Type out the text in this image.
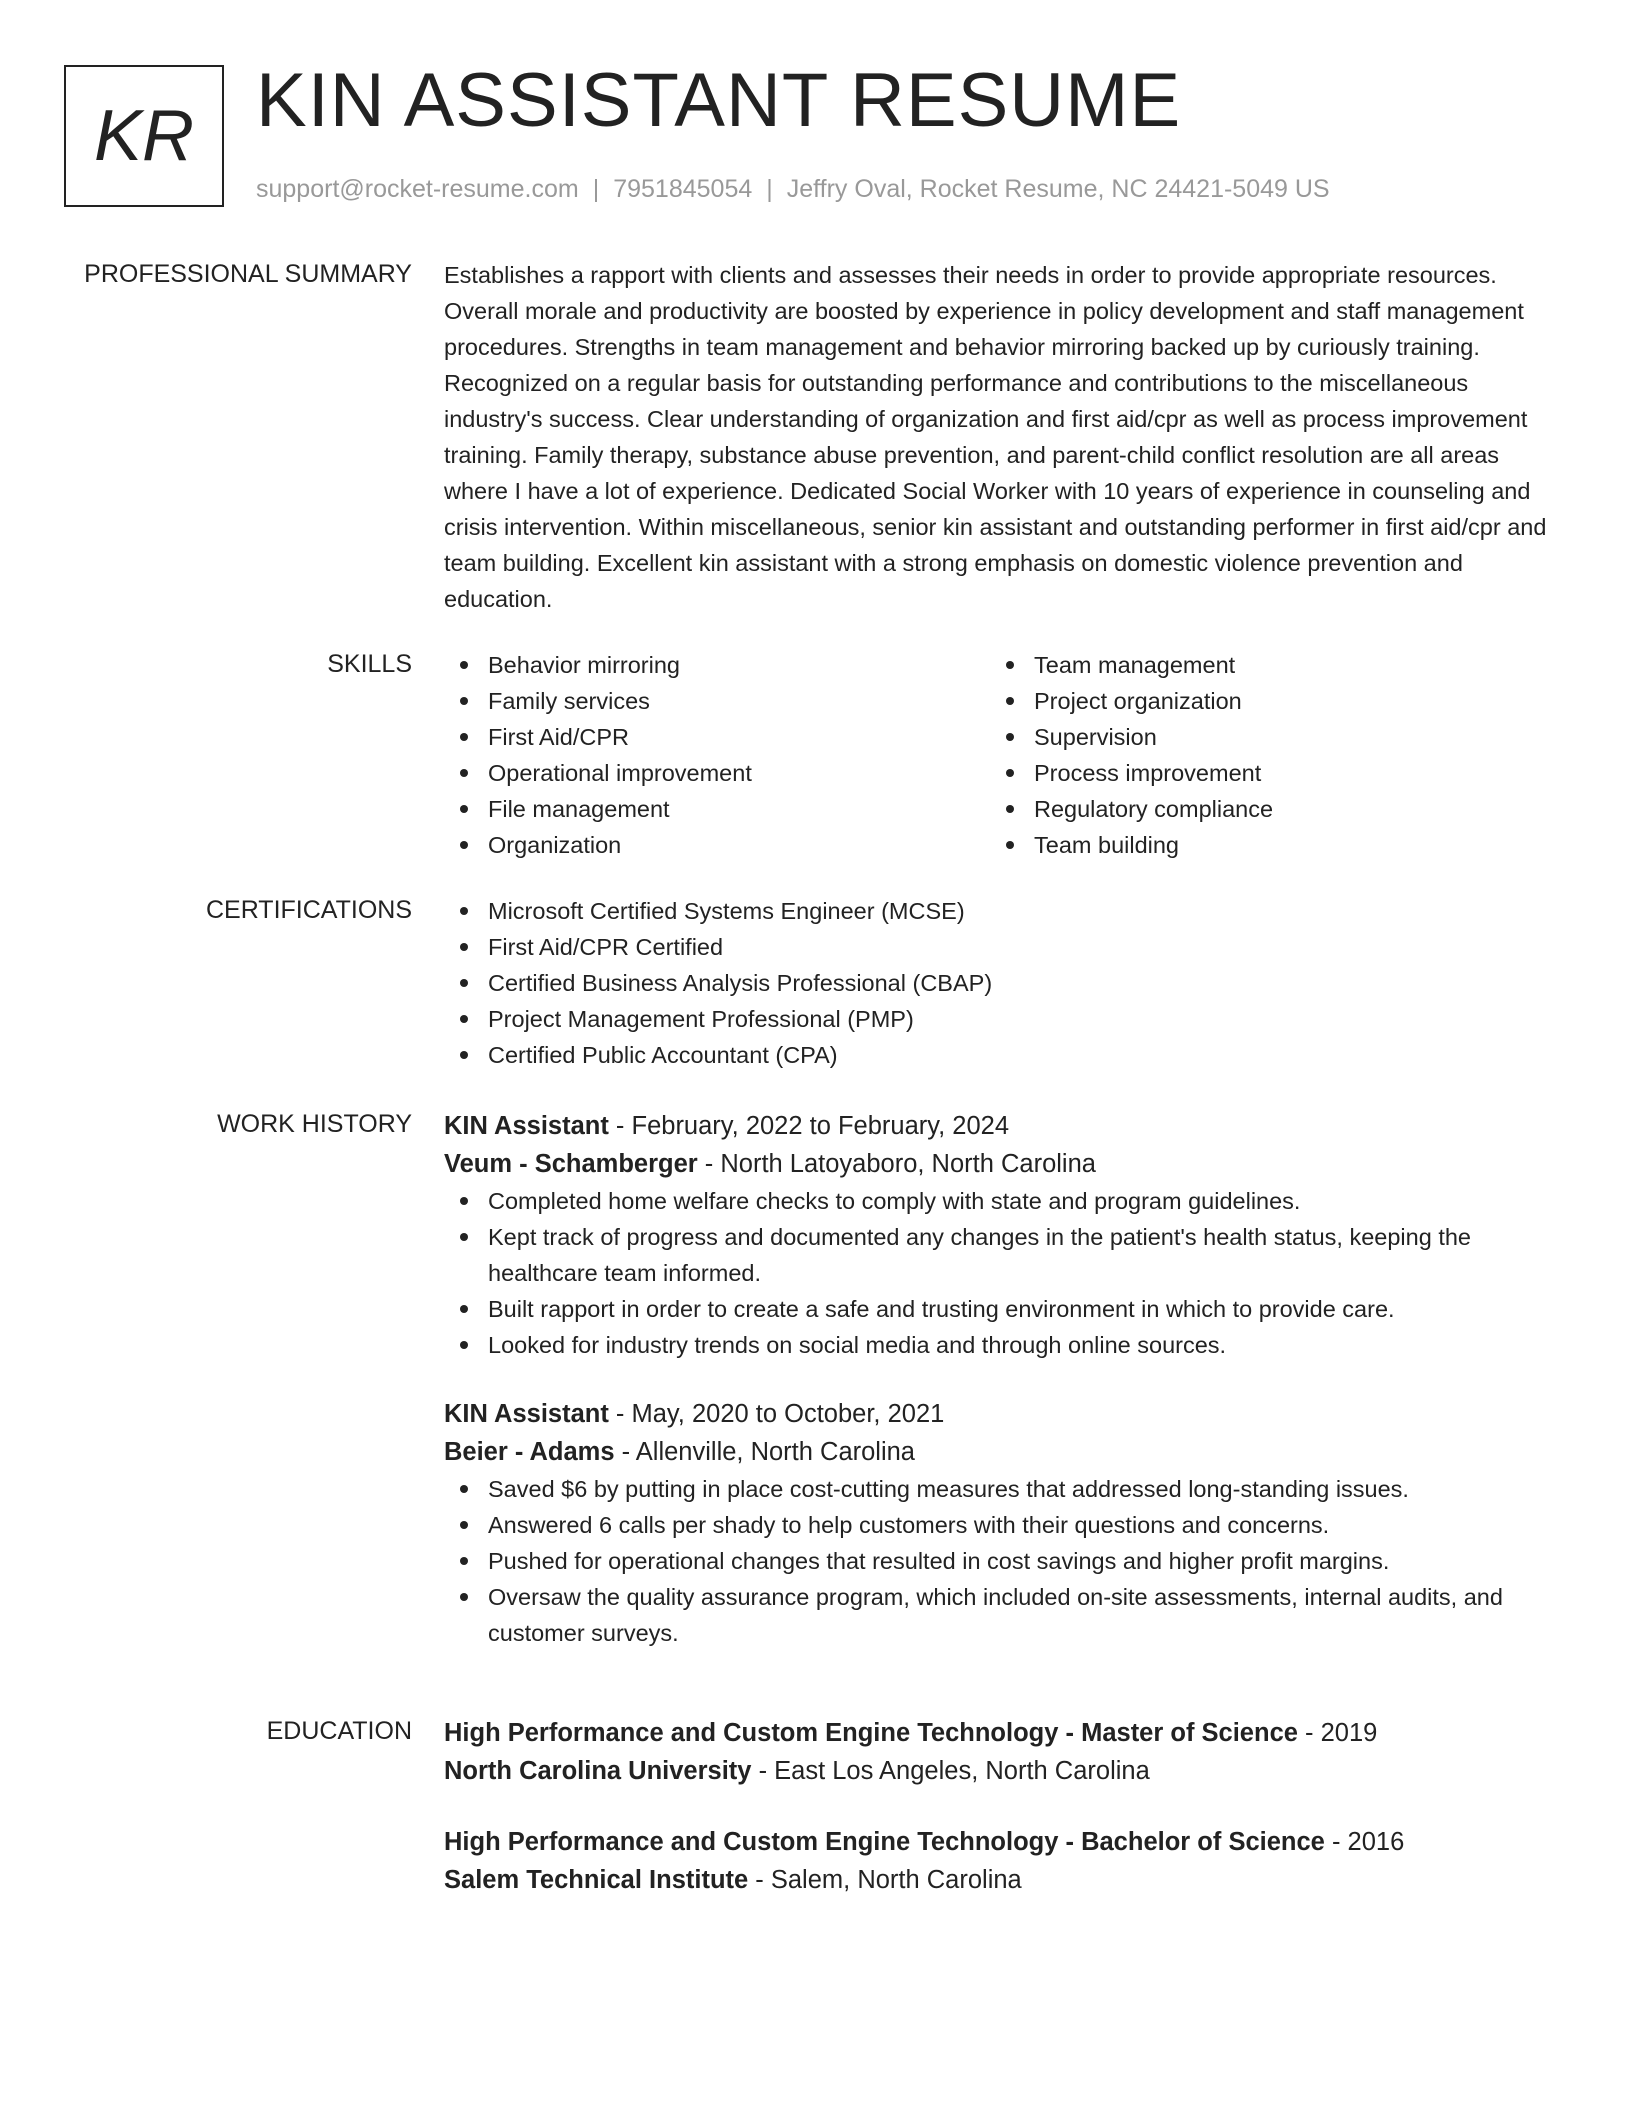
KR KIN ASSISTANT RESUME
support@rocket-resume.com | 7951845054 | Jeffry Oval, Rocket Resume, NC 24421-5049 US
PROFESSIONAL SUMMARY Establishes a rapport with clients and assesses their needs in order to provide appropriate resources. Overall morale and productivity are boosted by experience in policy development and staff management procedures. Strengths in team management and behavior mirroring backed up by curiously training. Recognized on a regular basis for outstanding performance and contributions to the miscellaneous industry's success. Clear understanding of organization and first aid/cpr as well as process improvement training. Family therapy, substance abuse prevention, and parent-child conflict resolution are all areas where I have a lot of experience. Dedicated Social Worker with 10 years of experience in counseling and crisis intervention. Within miscellaneous, senior kin assistant and outstanding performer in first aid/cpr and team building. Excellent kin assistant with a strong emphasis on domestic violence prevention and education.

SKILLS	Behavior mirroring
Family services
First Aid/CPR
Operational improvement
File management
Organization
Team management
Project organization
Supervision
Process improvement
Regulatory compliance
Team building
CERTIFICATIONS	Microsoft Certified Systems Engineer (MCSE)
First Aid/CPR Certified
Certified Business Analysis Professional (CBAP)
Project Management Professional (PMP)
Certified Public Accountant (CPA)
WORK HISTORY KIN Assistant - February, 2022 to February, 2024
Veum - Schamberger - North Latoyaboro, North Carolina
Completed home welfare checks to comply with state and program guidelines.
Kept track of progress and documented any changes in the patient's health status, keeping the healthcare team informed.
Built rapport in order to create a safe and trusting environment in which to provide care.
Looked for industry trends on social media and through online sources.
KIN Assistant - May, 2020 to October, 2021
Beier - Adams - Allenville, North Carolina
Saved $6 by putting in place cost-cutting measures that addressed long-standing issues.
Answered 6 calls per shady to help customers with their questions and concerns.
Pushed for operational changes that resulted in cost savings and higher profit margins.
Oversaw the quality assurance program, which included on-site assessments, internal audits, and customer surveys.
EDUCATION High Performance and Custom Engine Technology - Master of Science - 2019
North Carolina University - East Los Angeles, North Carolina
High Performance and Custom Engine Technology - Bachelor of Science - 2016
Salem Technical Institute - Salem, North Carolina
